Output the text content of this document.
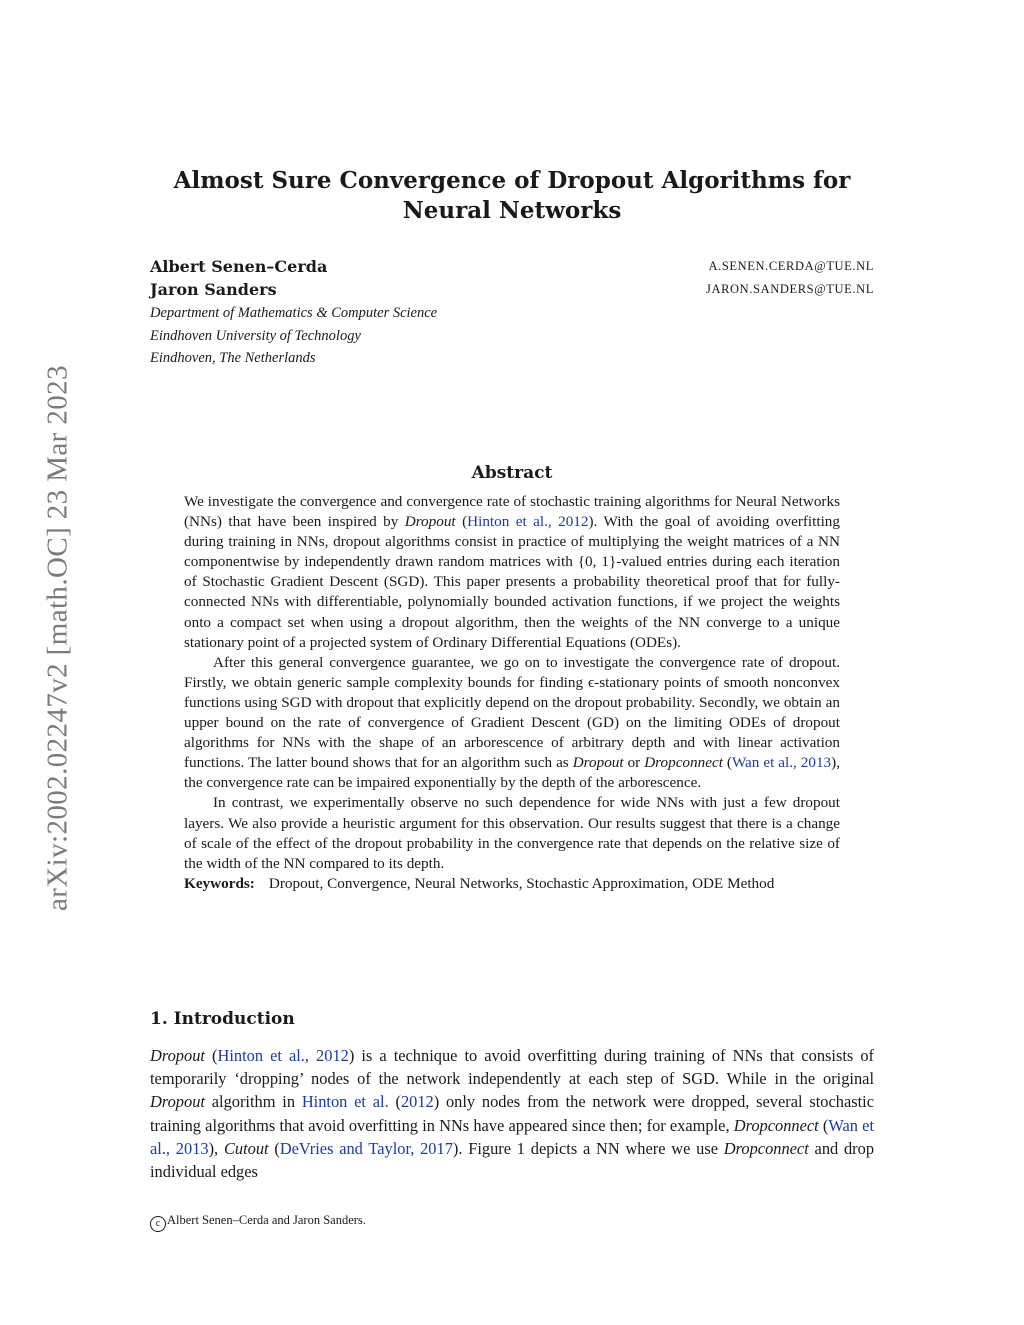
arXiv:2002.02247v2 [math.OC] 23 Mar 2023
Almost Sure Convergence of Dropout Algorithms for Neural Networks
Albert Senen–Cerda	A.SENEN.CERDA@TUE.NL
Jaron Sanders	JARON.SANDERS@TUE.NL
Department of Mathematics & Computer Science
Eindhoven University of Technology
Eindhoven, The Netherlands
Abstract

We investigate the convergence and convergence rate of stochastic training algorithms for Neural Networks (NNs) that have been inspired by Dropout (Hinton et al., 2012). With the goal of avoiding overfitting during training in NNs, dropout algorithms consist in practice of multiplying the weight matrices of a NN componentwise by independently drawn random matrices with {0, 1}-valued entries during each iteration of Stochastic Gradient Descent (SGD). This paper presents a probability theoretical proof that for fully-connected NNs with differentiable, polynomially bounded activation functions, if we project the weights onto a compact set when using a dropout algorithm, then the weights of the NN converge to a unique stationary point of a projected system of Ordinary Differential Equations (ODEs).

After this general convergence guarantee, we go on to investigate the convergence rate of dropout. Firstly, we obtain generic sample complexity bounds for finding ϵ-stationary points of smooth nonconvex functions using SGD with dropout that explicitly depend on the dropout probability. Secondly, we obtain an upper bound on the rate of convergence of Gradient Descent (GD) on the limiting ODEs of dropout algorithms for NNs with the shape of an arborescence of arbitrary depth and with linear activation functions. The latter bound shows that for an algorithm such as Dropout or Dropconnect (Wan et al., 2013), the convergence rate can be impaired exponentially by the depth of the arborescence.

In contrast, we experimentally observe no such dependence for wide NNs with just a few dropout layers. We also provide a heuristic argument for this observation. Our results suggest that there is a change of scale of the effect of the dropout probability in the convergence rate that depends on the relative size of the width of the NN compared to its depth.

Keywords: Dropout, Convergence, Neural Networks, Stochastic Approximation, ODE Method

1. Introduction

Dropout (Hinton et al., 2012) is a technique to avoid overfitting during training of NNs that consists of temporarily ‘dropping’ nodes of the network independently at each step of SGD. While in the original Dropout algorithm in Hinton et al. (2012) only nodes from the network were dropped, several stochastic training algorithms that avoid overfitting in NNs have appeared since then; for example, Dropconnect (Wan et al., 2013), Cutout (DeVries and Taylor, 2017). Figure 1 depicts a NN where we use Dropconnect and drop individual edges

c Albert Senen–Cerda and Jaron Sanders.
